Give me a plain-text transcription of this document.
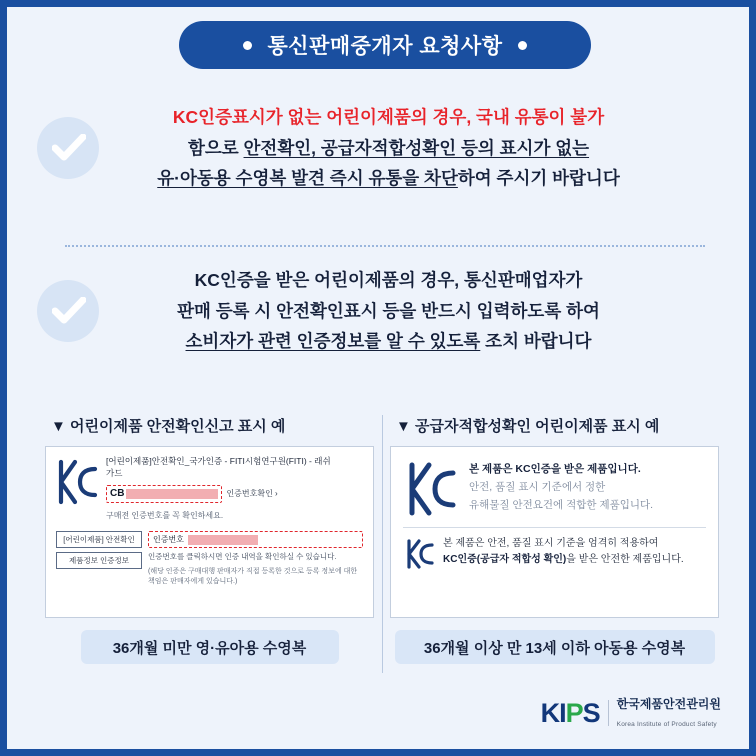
통신판매중개자 요청사항
KC인증표시가 없는 어린이제품의 경우, 국내 유통이 불가
함으로 안전확인, 공급자적합성확인 등의 표시가 없는
유·아동용 수영복 발견 즉시 유통을 차단하여 주시기 바랍니다
KC인증을 받은 어린이제품의 경우, 통신판매업자가
판매 등록 시 안전확인표시 등을 반드시 입력하도록 하여
소비자가 관련 인증정보를 알 수 있도록 조치 바랍니다
▼ 어린이제품 안전확인신고 표시 예
[어린이제품]안전확인_국가인증 - FITI시험연구원(FITI) - 래쉬
가드
CB	인증번호확인 ›
구매전 인증번호를 꼭 확인하세요.
[어린이제품] 안전확인
제품정보 인증정보
인증번호
인증번호를 클릭하시면 인증 내역을 확인하실 수 있습니다.
(해당 인증은 구매대행 판매자가 직접 등록한 것으로 등록 정보에 대한 책임은 판매자에게 있습니다.)
36개월 미만 영·유아용 수영복
▼ 공급자적합성확인 어린이제품 표시 예
본 제품은 KC인증을 받은 제품입니다.
안전, 품질 표시 기준에서 정한
유해물질 안전요건에 적합한 제품입니다.
본 제품은 안전, 품질 표시 기준을 엄격히 적용하여
KC인증(공급자 적합성 확인)을 받은 안전한 제품입니다.
36개월 이상 만 13세 이하 아동용 수영복
KIPS 한국제품안전관리원
Korea Institute of Product Safety
